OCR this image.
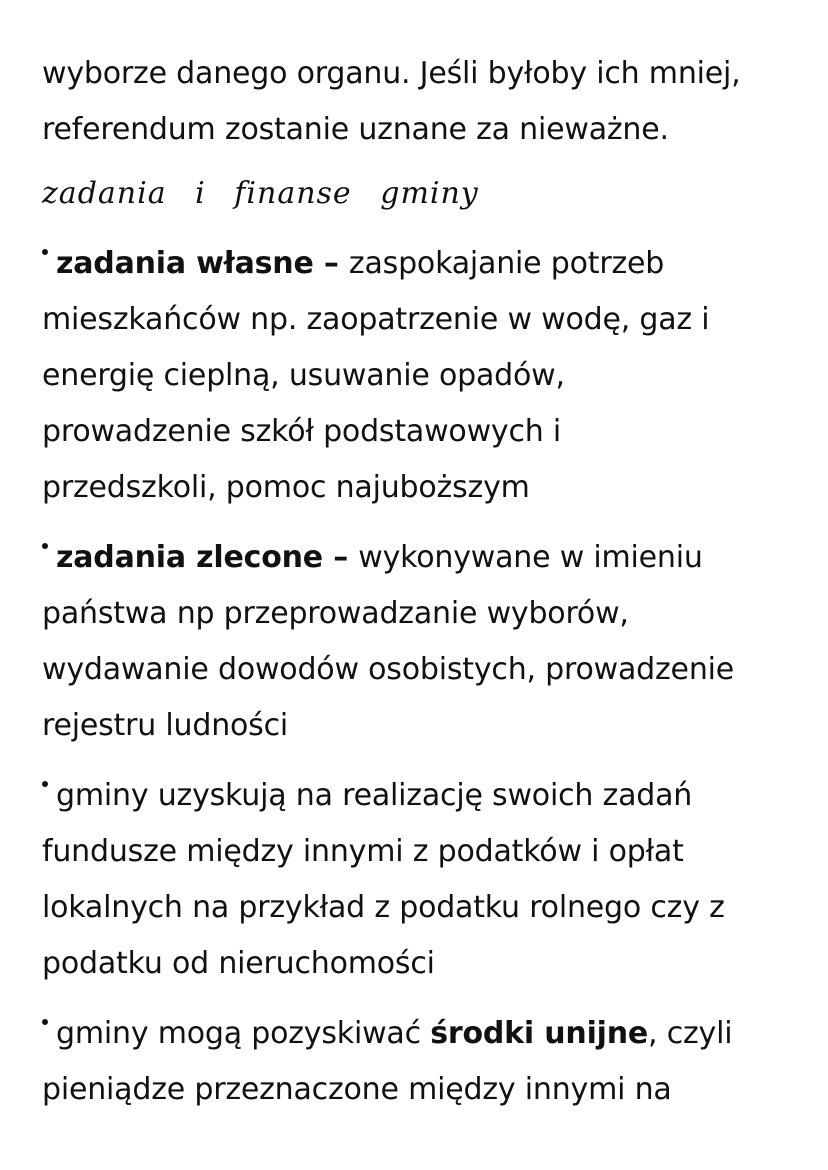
wyborze danego organu. Jeśli byłoby ich mniej,
referendum zostanie uznane za nieważne.
zadania i finanse gminy
zadania własne – zaspokajanie potrzeb
mieszkańców np. zaopatrzenie w wodę, gaz i
energię cieplną, usuwanie opadów,
prowadzenie szkół podstawowych i
przedszkoli, pomoc najuboższym
zadania zlecone – wykonywane w imieniu
państwa np przeprowadzanie wyborów,
wydawanie dowodów osobistych, prowadzenie
rejestru ludności
gminy uzyskują na realizację swoich zadań
fundusze między innymi z podatków i opłat
lokalnych na przykład z podatku rolnego czy z
podatku od nieruchomości
gminy mogą pozyskiwać środki unijne, czyli
pieniądze przeznaczone między innymi na
